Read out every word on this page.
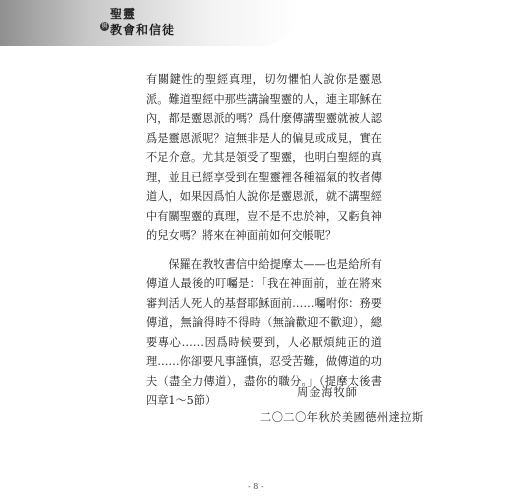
聖靈
與 教會和信徒

有關鍵性的聖經真理，切勿懼怕人說你是靈恩派。難道聖經中那些講論聖靈的人，連主耶穌在內，都是靈恩派的嗎？爲什麼傳講聖靈就被人認爲是靈恩派呢？這無非是人的偏見或成見，實在不足介意。尤其是領受了聖靈，也明白聖經的真理，並且已經享受到在聖靈裡各種福氣的牧者傳道人，如果因爲怕人說你是靈恩派，就不講聖經中有關聖靈的真理，豈不是不忠於神，又虧負神的兒女嗎？將來在神面前如何交帳呢？

保羅在教牧書信中給提摩太——也是給所有傳道人最後的叮囑是：「我在神面前，並在將來審判活人死人的基督耶穌面前……囑咐你：務要傳道，無論得時不得時（無論歡迎不歡迎），總要專心……因爲時候要到，人必厭煩純正的道理……你卻要凡事謹慎，忍受苦難，做傳道的功夫（盡全力傳道），盡你的職分。」（提摩太後書四章1～5節）

周金海牧師
二〇二〇年秋於美國德州達拉斯
- 8 -
